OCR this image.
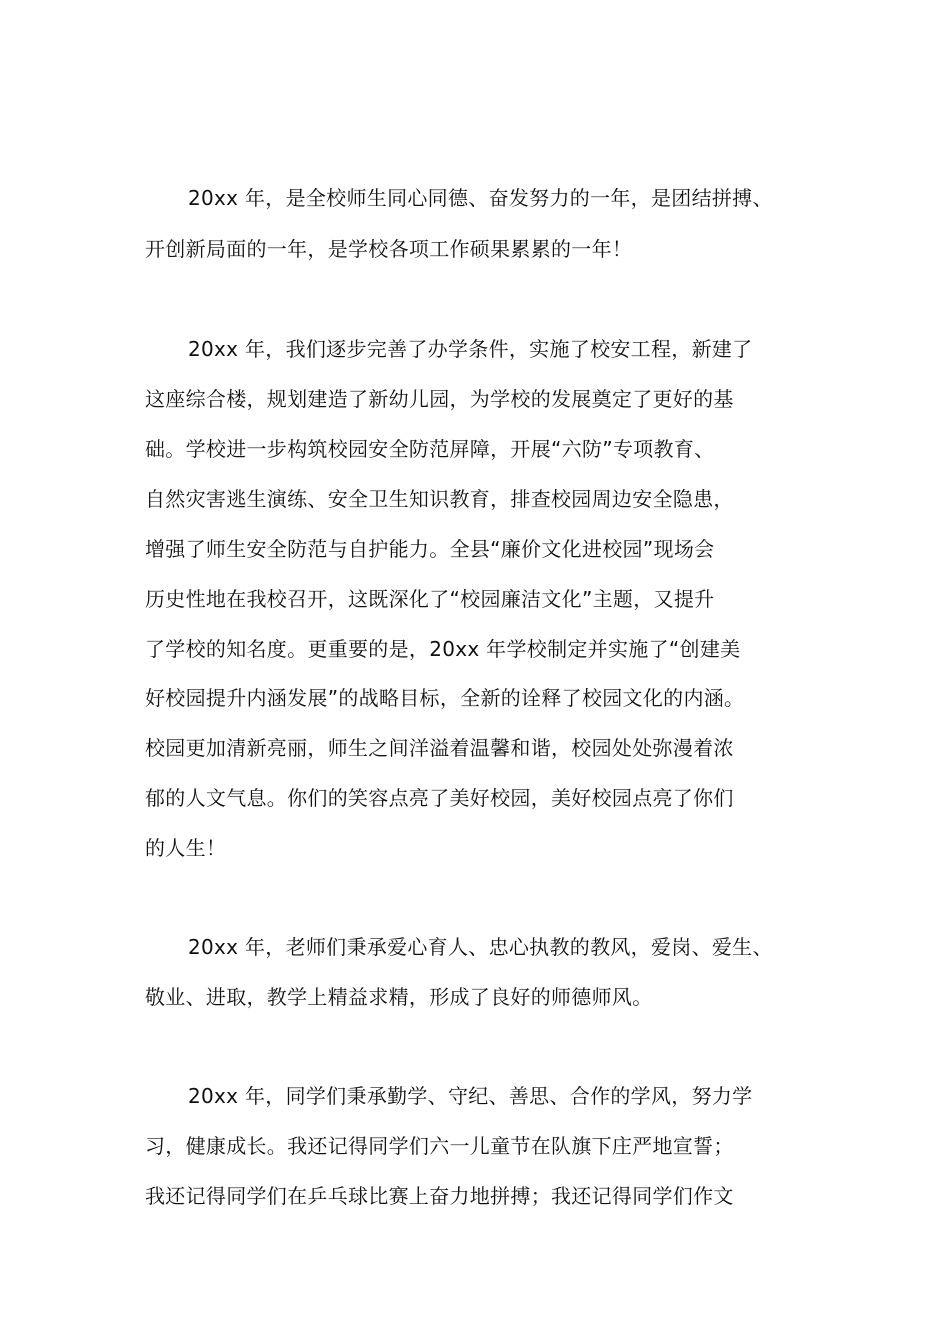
20xx 年，是全校师生同心同德、奋发努力的一年，是团结拼搏、
开创新局面的一年，是学校各项工作硕果累累的一年！
20xx 年，我们逐步完善了办学条件，实施了校安工程，新建了
这座综合楼，规划建造了新幼儿园，为学校的发展奠定了更好的基
础。学校进一步构筑校园安全防范屏障，开展“六防”专项教育、
自然灾害逃生演练、安全卫生知识教育，排查校园周边安全隐患，
增强了师生安全防范与自护能力。全县“廉价文化进校园”现场会
历史性地在我校召开，这既深化了“校园廉洁文化”主题，又提升
了学校的知名度。更重要的是，20xx 年学校制定并实施了“创建美
好校园提升内涵发展”的战略目标，全新的诠释了校园文化的内涵。
校园更加清新亮丽，师生之间洋溢着温馨和谐，校园处处弥漫着浓
郁的人文气息。你们的笑容点亮了美好校园，美好校园点亮了你们
的人生！
20xx 年，老师们秉承爱心育人、忠心执教的教风，爱岗、爱生、
敬业、进取，教学上精益求精，形成了良好的师德师风。
20xx 年，同学们秉承勤学、守纪、善思、合作的学风，努力学
习，健康成长。我还记得同学们六一儿童节在队旗下庄严地宣誓；
我还记得同学们在乒乓球比赛上奋力地拼搏；我还记得同学们作文
